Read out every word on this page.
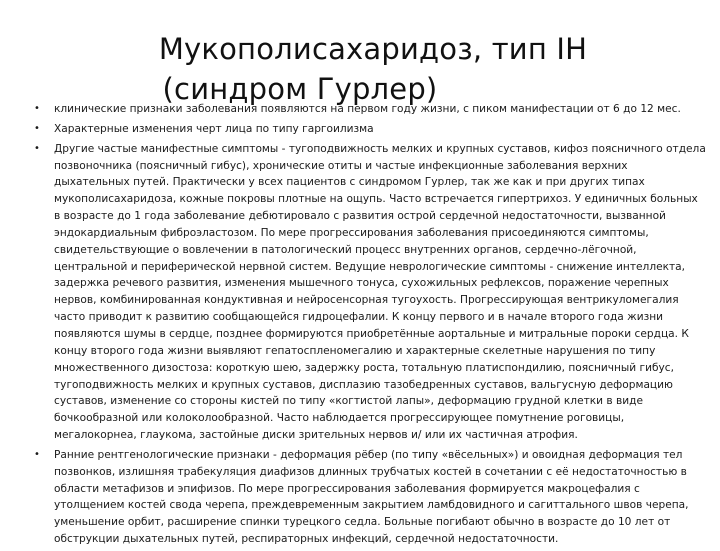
Мукополисахаридоз, тип IH
(синдром Гурлер)
• клинические признаки заболевания появляются на первом году жизни, с пиком манифестации от 6 до 12 мес.
• Характерные изменения черт лица по типу гаргоилизма
• Другие частые манифестные симптомы - тугоподвижность мелких и крупных суставов, кифоз поясничного отдела
позвоночника (поясничный гибус), хронические отиты и частые инфекционные заболевания верхних
дыхательных путей. Практически у всех пациентов с синдромом Гурлер, так же как и при других типах
мукополисахаридоза, кожные покровы плотные на ощупь. Часто встречается гипертрихоз. У единичных больных
в возрасте до 1 года заболевание дебютировало с развития острой сердечной недостаточности, вызванной
эндокардиальным фиброэластозом. По мере прогрессирования заболевания присоединяются симптомы,
свидетельствующие о вовлечении в патологический процесс внутренних органов, сердечно-лёгочной,
центральной и периферической нервной систем. Ведущие неврологические симптомы - снижение интеллекта,
задержка речевого развития, изменения мышечного тонуса, сухожильных рефлексов, поражение черепных
нервов, комбинированная кондуктивная и нейросенсорная тугоухость. Прогрессирующая вентрикуломегалия
часто приводит к развитию сообщающейся гидроцефалии. К концу первого и в начале второго года жизни
появляются шумы в сердце, позднее формируются приобретённые аортальные и митральные пороки сердца. К
концу второго года жизни выявляют гепатоспленомегалию и характерные скелетные нарушения по типу
множественного дизостоза: короткую шею, задержку роста, тотальную платиспондилию, поясничный гибус,
тугоподвижность мелких и крупных суставов, дисплазию тазобедренных суставов, вальгусную деформацию
суставов, изменение со стороны кистей по типу «когтистой лапы», деформацию грудной клетки в виде
бочкообразной или колоколообразной. Часто наблюдается прогрессирующее помутнение роговицы,
мегалокорнеа, глаукома, застойные диски зрительных нервов и/ или их частичная атрофия.
• Ранние рентгенологические признаки - деформация рёбер (по типу «вёсельных») и овоидная деформация тел
позвонков, излишняя трабекуляция диафизов длинных трубчатых костей в сочетании с её недостаточностью в
области метафизов и эпифизов. По мере прогрессирования заболевания формируется макроцефалия с
утолщением костей свода черепа, преждевременным закрытием ламбдовидного и сагиттального швов черепа,
уменьшение орбит, расширение спинки турецкого седла. Больные погибают обычно в возрасте до 10 лет от
обструкции дыхательных путей, респираторных инфекций, сердечной недостаточности.
